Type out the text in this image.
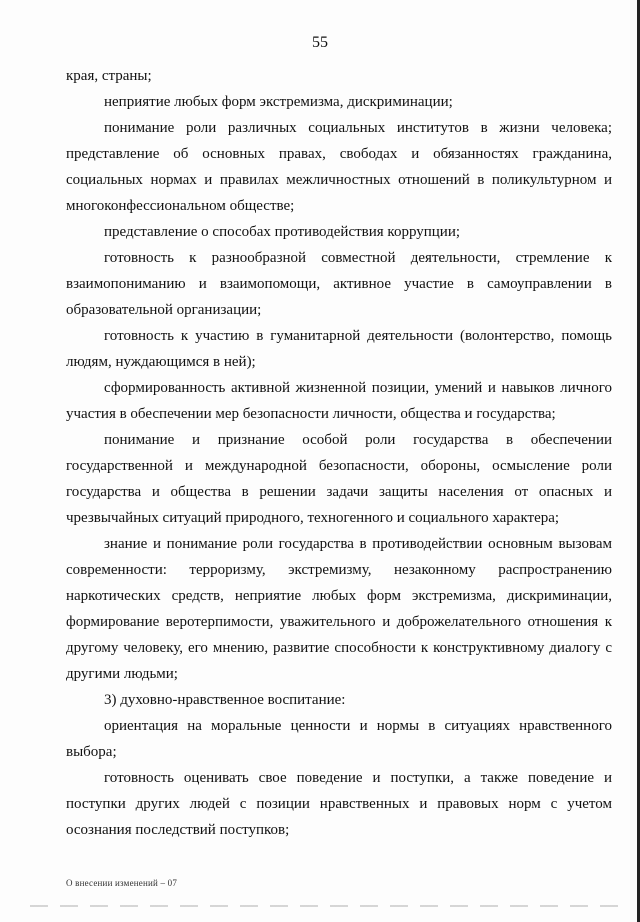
55

края, страны;

неприятие любых форм экстремизма, дискриминации;

понимание роли различных социальных институтов в жизни человека; представление об основных правах, свободах и обязанностях гражданина, социальных нормах и правилах межличностных отношений в поликультурном и многоконфессиональном обществе;

представление о способах противодействия коррупции;

готовность к разнообразной совместной деятельности, стремление к взаимопониманию и взаимопомощи, активное участие в самоуправлении в образовательной организации;

готовность к участию в гуманитарной деятельности (волонтерство, помощь людям, нуждающимся в ней);

сформированность активной жизненной позиции, умений и навыков личного участия в обеспечении мер безопасности личности, общества и государства;

понимание и признание особой роли государства в обеспечении государственной и международной безопасности, обороны, осмысление роли государства и общества в решении задачи защиты населения от опасных и чрезвычайных ситуаций природного, техногенного и социального характера;

знание и понимание роли государства в противодействии основным вызовам современности: терроризму, экстремизму, незаконному распространению наркотических средств, неприятие любых форм экстремизма, дискриминации, формирование веротерпимости, уважительного и доброжелательного отношения к другому человеку, его мнению, развитие способности к конструктивному диалогу с другими людьми;

3) духовно-нравственное воспитание:

ориентация на моральные ценности и нормы в ситуациях нравственного выбора;

готовность оценивать свое поведение и поступки, а также поведение и поступки других людей с позиции нравственных и правовых норм с учетом осознания последствий поступков;

О внесении изменений – 07
